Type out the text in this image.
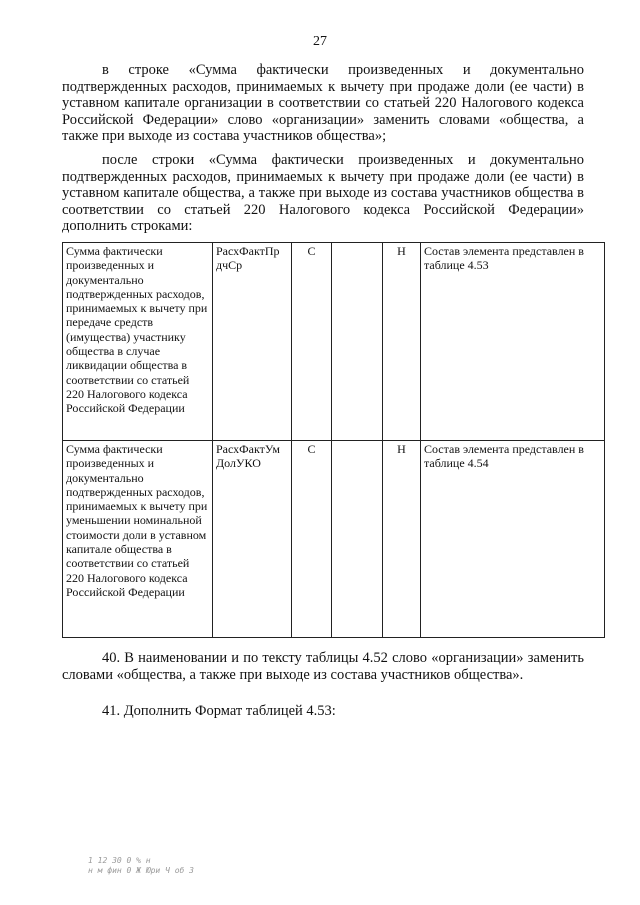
27

в строке «Сумма фактически произведенных и документально подтвержденных расходов, принимаемых к вычету при продаже доли (ее части) в уставном капитале организации в соответствии со статьей 220 Налогового кодекса Российской Федерации» слово «организации» заменить словами «общества, а также при выходе из состава участников общества»;

после строки «Сумма фактически произведенных и документально подтвержденных расходов, принимаемых к вычету при продаже доли (ее части) в уставном капитале общества, а также при выходе из состава участников общества в соответствии со статьей 220 Налогового кодекса Российской Федерации» дополнить строками:

Сумма фактически произведенных и документально подтвержденных расходов, принимаемых к вычету при передаче средств (имущества) участнику общества в случае ликвидации общества в соответствии со статьей 220 Налогового кодекса Российской Федерации	РасхФактПр дчСр	С		Н	Состав элемента представлен в таблице 4.53
Сумма фактически произведенных и документально подтвержденных расходов, принимаемых к вычету при уменьшении номинальной стоимости доли в уставном капитале общества в соответствии со статьей 220 Налогового кодекса Российской Федерации	РасхФактУм ДолУКО	С		Н	Состав элемента представлен в таблице 4.54

40. В наименовании и по тексту таблицы 4.52 слово «организации» заменить словами «общества, а также при выходе из состава участников общества».

41. Дополнить Формат таблицей 4.53:

1 12 30 0 % н
н м фин 0 Ж Юри Ч об 3
